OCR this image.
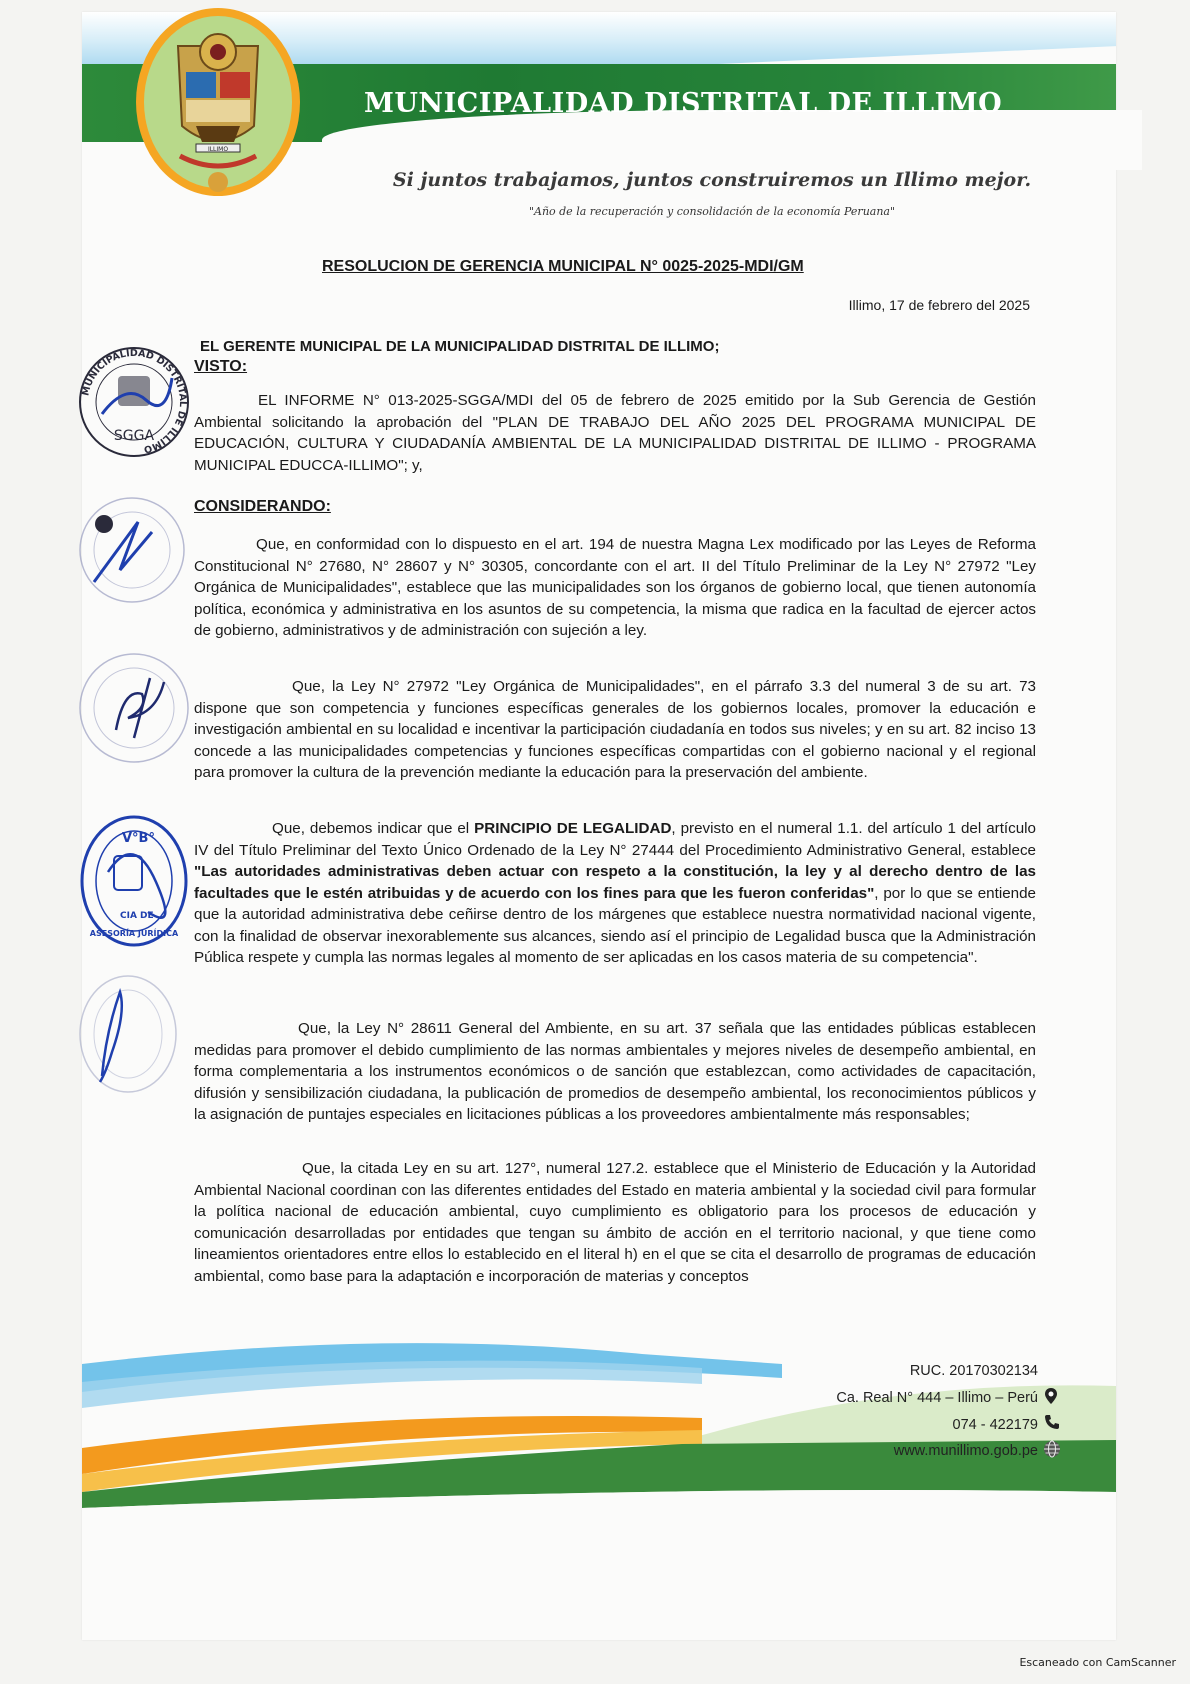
MUNICIPALIDAD DISTRITAL DE ILLIMO
ILLIMO
Si juntos trabajamos, juntos construiremos un Illimo mejor.
"Año de la recuperación y consolidación de la economía Peruana"
RESOLUCION DE GERENCIA MUNICIPAL N° 0025-2025-MDI/GM
Illimo, 17 de febrero del 2025
EL GERENTE MUNICIPAL DE LA MUNICIPALIDAD DISTRITAL DE ILLIMO;
VISTO:
EL INFORME N° 013-2025-SGGA/MDI del 05 de febrero de 2025 emitido por la Sub Gerencia de Gestión Ambiental solicitando la aprobación del "PLAN DE TRABAJO DEL AÑO 2025 DEL PROGRAMA MUNICIPAL DE EDUCACIÓN, CULTURA Y CIUDADANÍA AMBIENTAL DE LA MUNICIPALIDAD DISTRITAL DE ILLIMO - PROGRAMA MUNICIPAL EDUCCA-ILLIMO"; y,
CONSIDERANDO:
Que, en conformidad con lo dispuesto en el art. 194 de nuestra Magna Lex modificado por las Leyes de Reforma Constitucional N° 27680, N° 28607 y N° 30305, concordante con el art. II del Título Preliminar de la Ley N° 27972 "Ley Orgánica de Municipalidades", establece que las municipalidades son los órganos de gobierno local, que tienen autonomía política, económica y administrativa en los asuntos de su competencia, la misma que radica en la facultad de ejercer actos de gobierno, administrativos y de administración con sujeción a ley.
Que, la Ley N° 27972 "Ley Orgánica de Municipalidades", en el párrafo 3.3 del numeral 3 de su art. 73 dispone que son competencia y funciones específicas generales de los gobiernos locales, promover la educación e investigación ambiental en su localidad e incentivar la participación ciudadanía en todos sus niveles; y en su art. 82 inciso 13 concede a las municipalidades competencias y funciones específicas compartidas con el gobierno nacional y el regional para promover la cultura de la prevención mediante la educación para la preservación del ambiente.
Que, debemos indicar que el PRINCIPIO DE LEGALIDAD, previsto en el numeral 1.1. del artículo 1 del artículo IV del Título Preliminar del Texto Único Ordenado de la Ley N° 27444 del Procedimiento Administrativo General, establece "Las autoridades administrativas deben actuar con respeto a la constitución, la ley y al derecho dentro de las facultades que le estén atribuidas y de acuerdo con los fines para que les fueron conferidas", por lo que se entiende que la autoridad administrativa debe ceñirse dentro de los márgenes que establece nuestra normatividad nacional vigente, con la finalidad de observar inexorablemente sus alcances, siendo así el principio de Legalidad busca que la Administración Pública respete y cumpla las normas legales al momento de ser aplicadas en los casos materia de su competencia".
Que, la Ley N° 28611 General del Ambiente, en su art. 37 señala que las entidades públicas establecen medidas para promover el debido cumplimiento de las normas ambientales y mejores niveles de desempeño ambiental, en forma complementaria a los instrumentos económicos o de sanción que establezcan, como actividades de capacitación, difusión y sensibilización ciudadana, la publicación de promedios de desempeño ambiental, los reconocimientos públicos y la asignación de puntajes especiales en licitaciones públicas a los proveedores ambientalmente más responsables;
Que, la citada Ley en su art. 127°, numeral 127.2. establece que el Ministerio de Educación y la Autoridad Ambiental Nacional coordinan con las diferentes entidades del Estado en materia ambiental y la sociedad civil para formular la política nacional de educación ambiental, cuyo cumplimiento es obligatorio para los procesos de educación y comunicación desarrolladas por entidades que tengan su ámbito de acción en el territorio nacional, y que tiene como lineamientos orientadores entre ellos lo establecido en el literal h) en el que se cita el desarrollo de programas de educación ambiental, como base para la adaptación e incorporación de materias y conceptos
MUNICIPALIDAD DISTRITAL DE ILLIMO
SGGA
V°B°
CIA DE
ASESORÍA JURÍDICA
RUC. 20170302134
Ca. Real N° 444 – Illimo – Perú
074 - 422179
www.munillimo.gob.pe
Escaneado con CamScanner
